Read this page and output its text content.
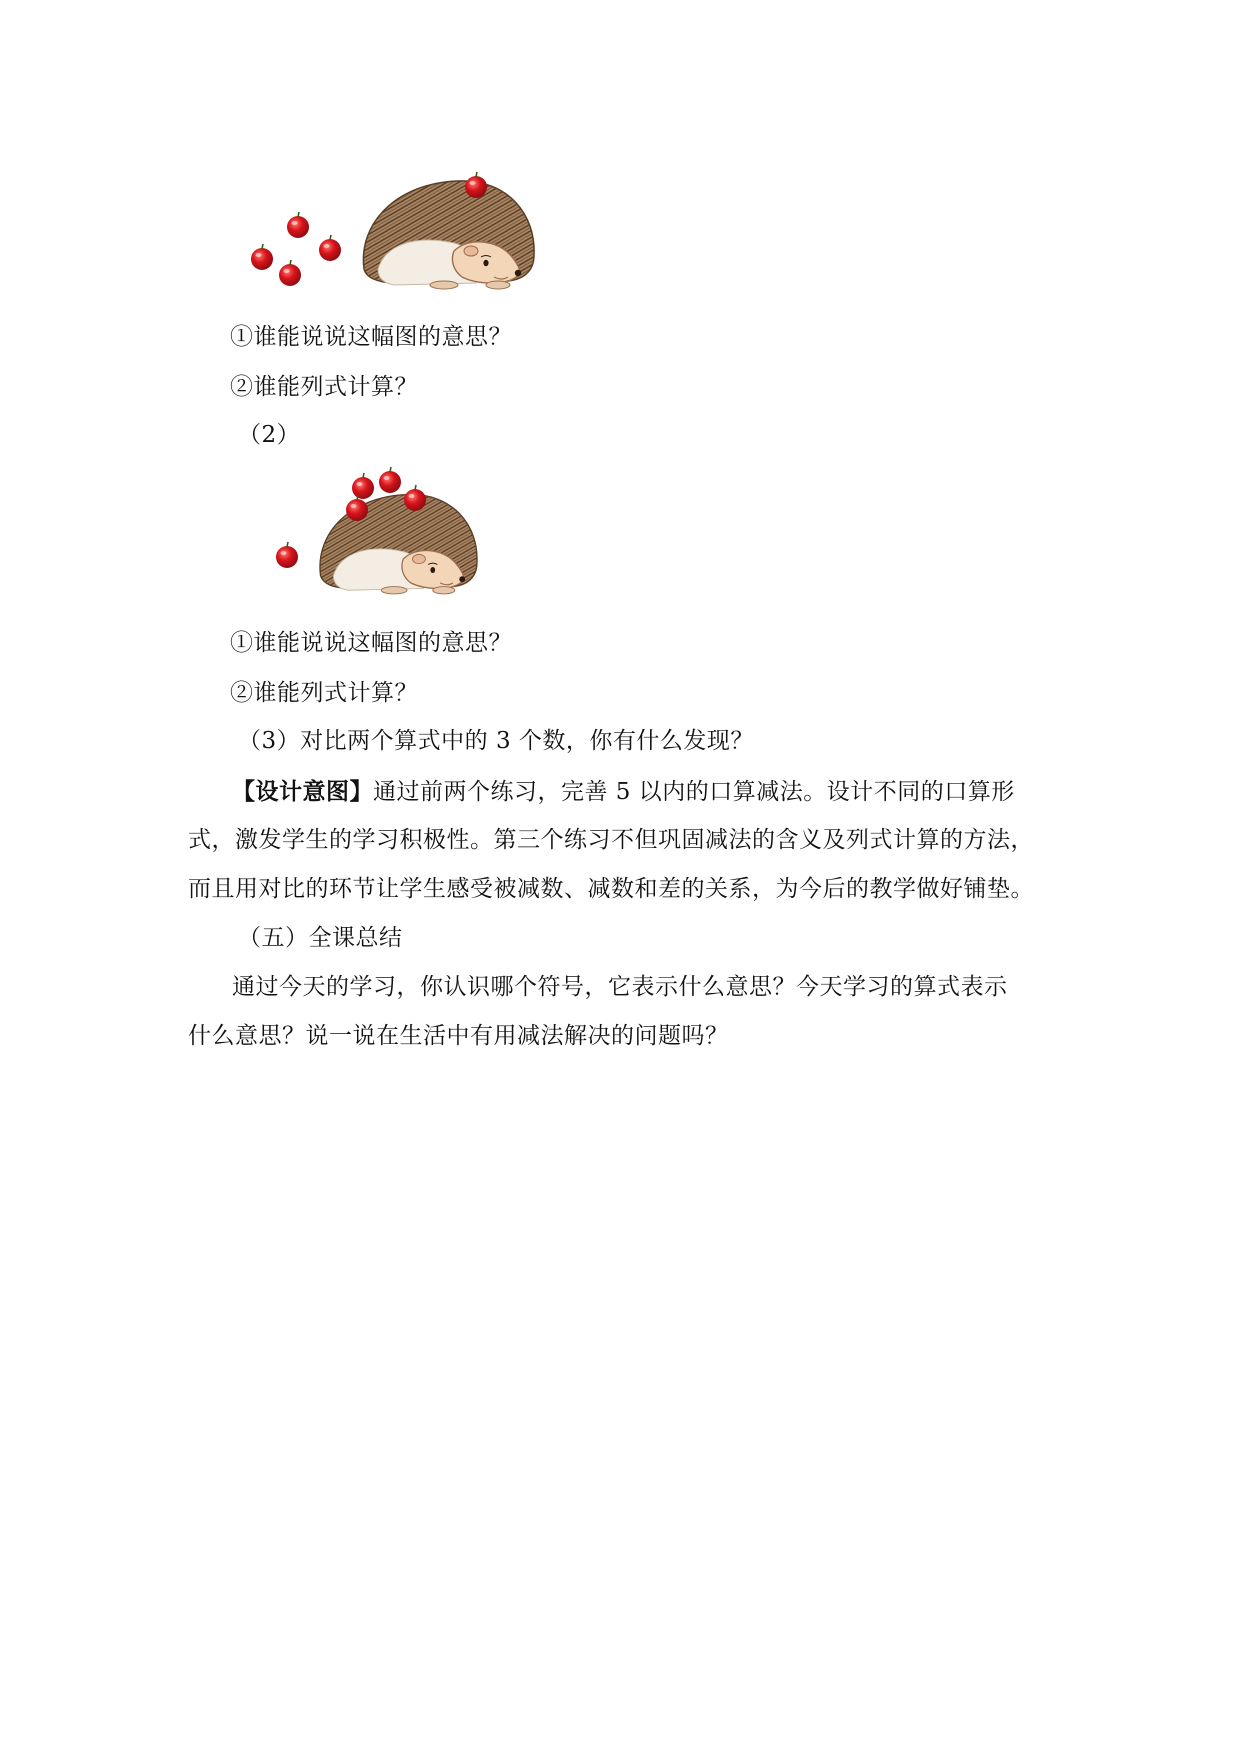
①谁能说说这幅图的意思？
②谁能列式计算？
（2）
①谁能说说这幅图的意思？
②谁能列式计算？
（3）对比两个算式中的 3 个数，你有什么发现？
【设计意图】通过前两个练习，完善 5 以内的口算减法。设计不同的口算形
式，激发学生的学习积极性。第三个练习不但巩固减法的含义及列式计算的方法，
而且用对比的环节让学生感受被减数、减数和差的关系，为今后的教学做好铺垫。
（五）全课总结
通过今天的学习，你认识哪个符号，它表示什么意思？今天学习的算式表示
什么意思？说一说在生活中有用减法解决的问题吗？
